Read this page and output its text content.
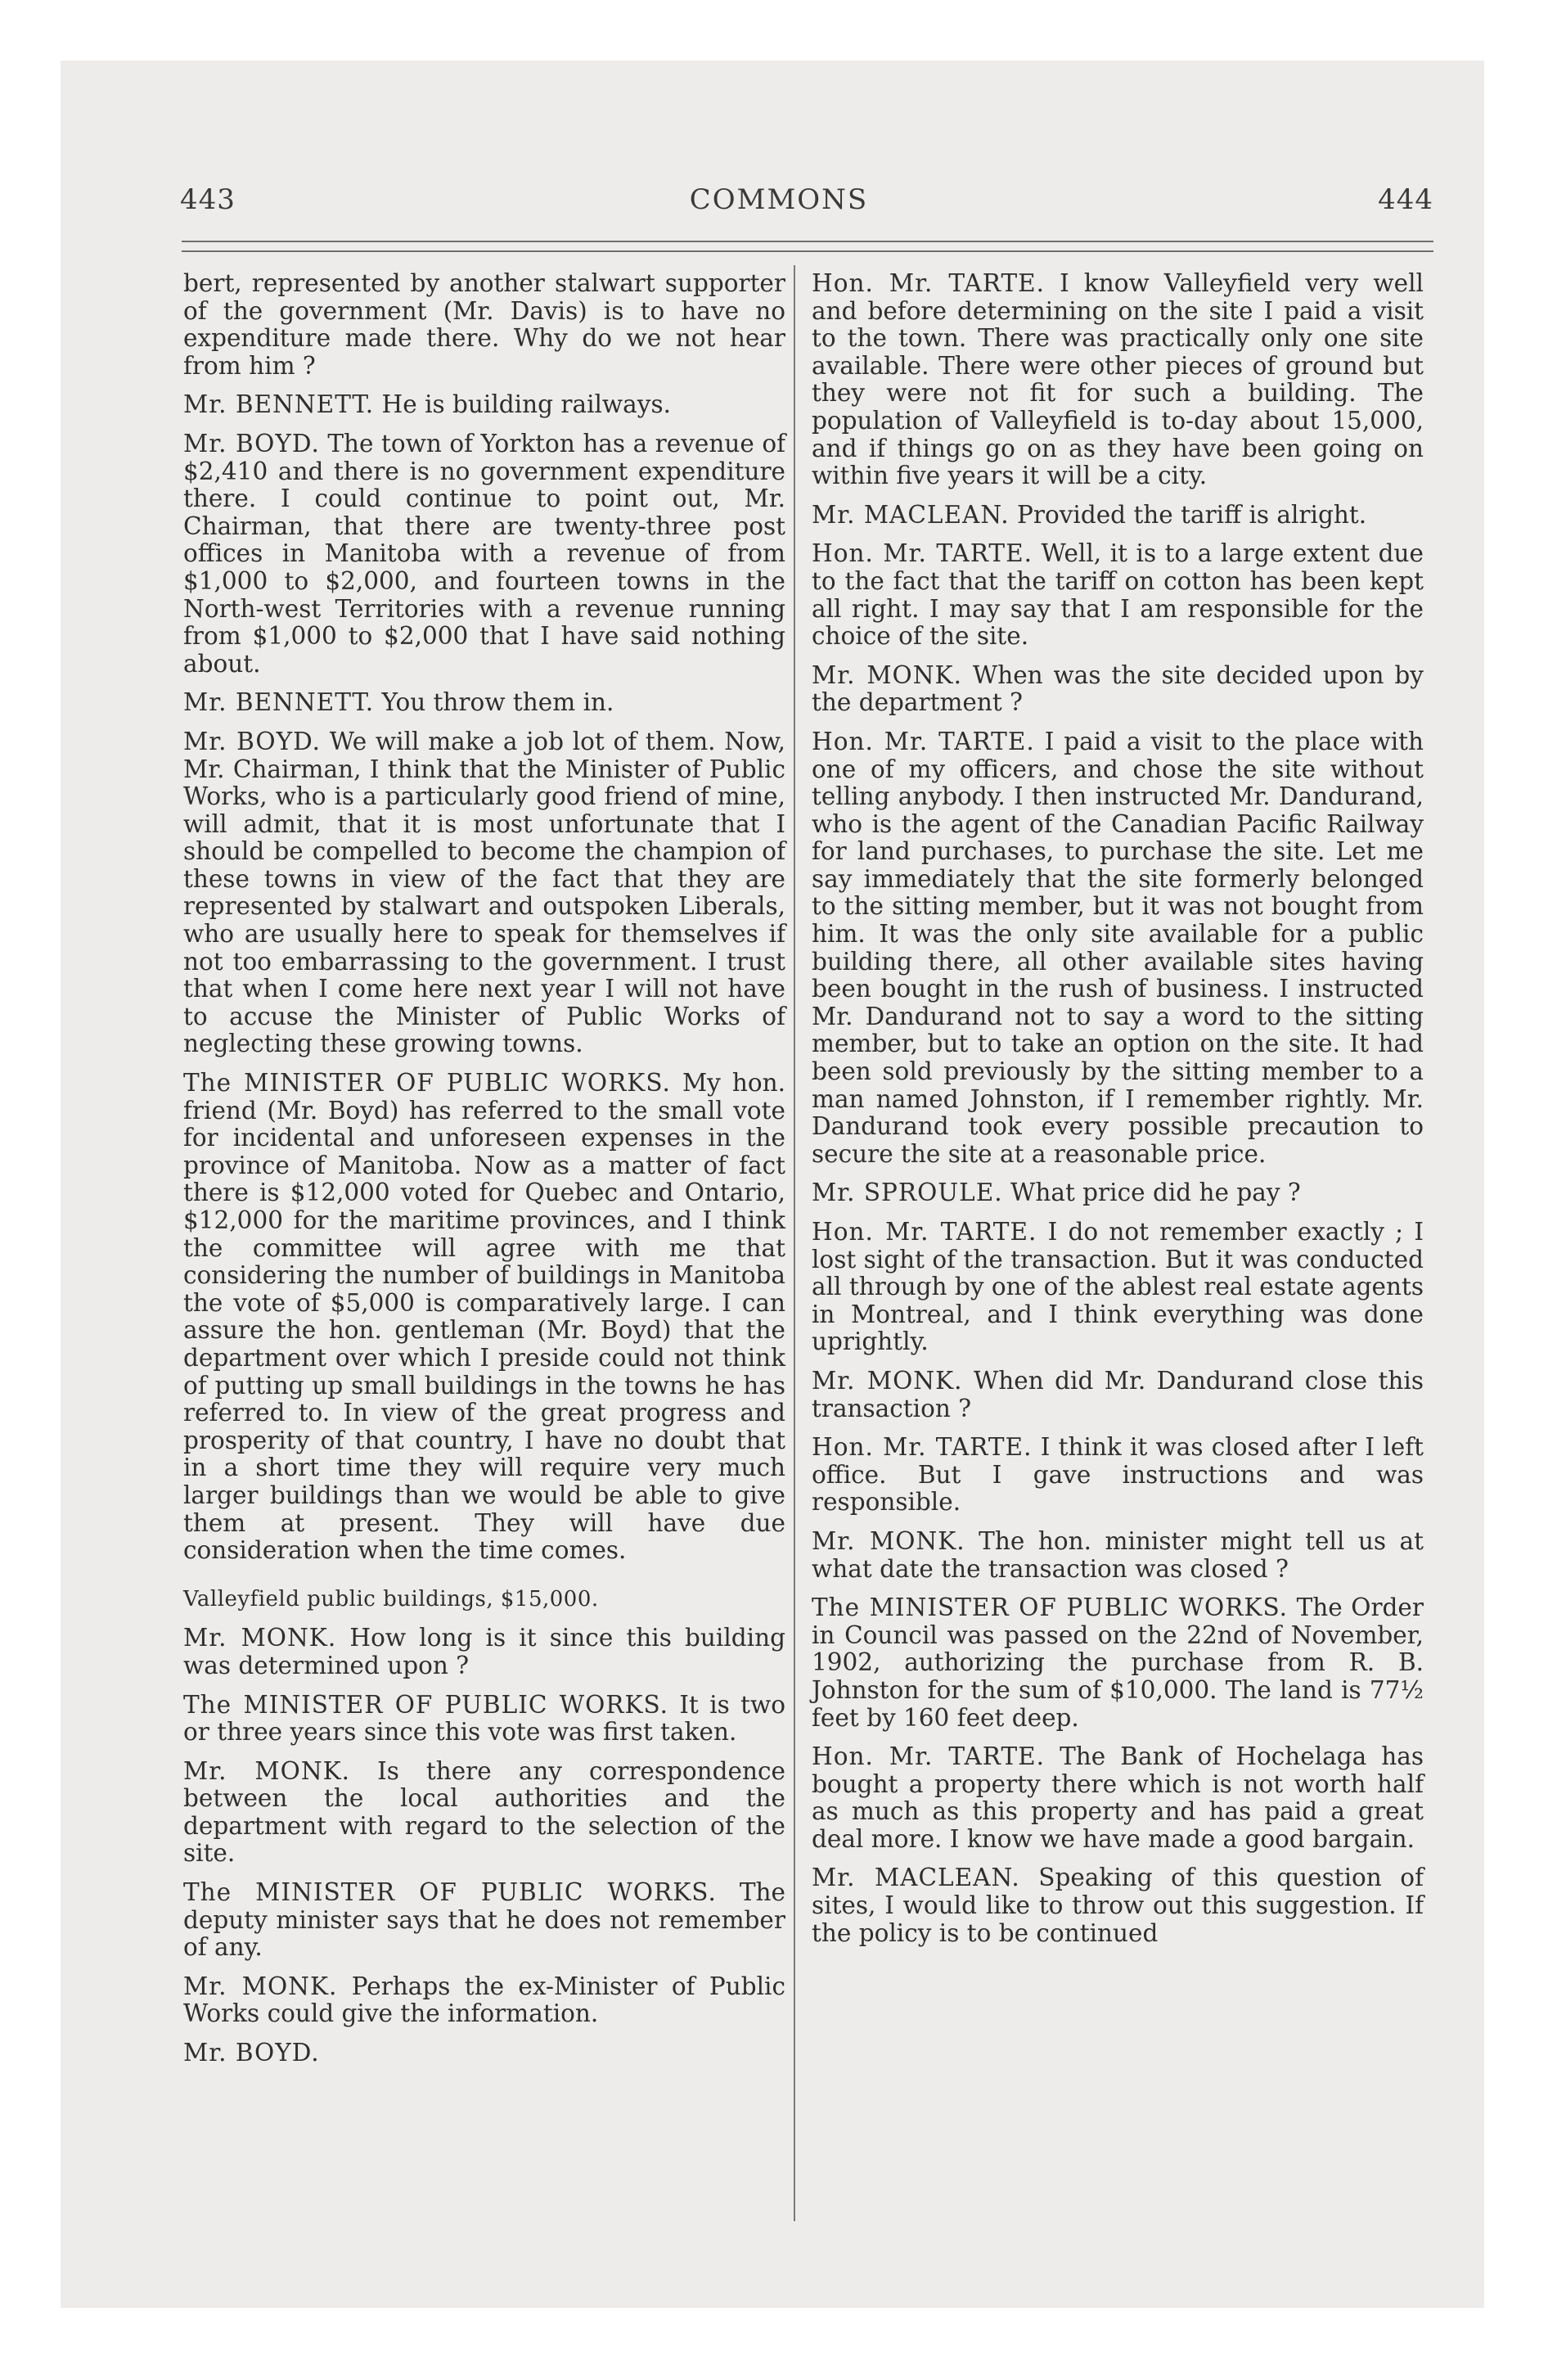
443	COMMONS	444

bert, represented by another stalwart supporter of the government (Mr. Davis) is to have no expenditure made there. Why do we not hear from him ?

Mr. BENNETT. He is building railways.

Mr. BOYD. The town of Yorkton has a revenue of $2,410 and there is no government expenditure there. I could continue to point out, Mr. Chairman, that there are twenty-three post offices in Manitoba with a revenue of from $1,000 to $2,000, and fourteen towns in the North-west Territories with a revenue running from $1,000 to $2,000 that I have said nothing about.

Mr. BENNETT. You throw them in.

Mr. BOYD. We will make a job lot of them. Now, Mr. Chairman, I think that the Minister of Public Works, who is a particularly good friend of mine, will admit, that it is most unfortunate that I should be compelled to become the champion of these towns in view of the fact that they are represented by stalwart and outspoken Liberals, who are usually here to speak for themselves if not too embarrassing to the government. I trust that when I come here next year I will not have to accuse the Minister of Public Works of neglecting these growing towns.

The MINISTER OF PUBLIC WORKS. My hon. friend (Mr. Boyd) has referred to the small vote for incidental and unforeseen expenses in the province of Manitoba. Now as a matter of fact there is $12,000 voted for Quebec and Ontario, $12,000 for the maritime provinces, and I think the committee will agree with me that considering the number of buildings in Manitoba the vote of $5,000 is comparatively large. I can assure the hon. gentleman (Mr. Boyd) that the department over which I preside could not think of putting up small buildings in the towns he has referred to. In view of the great progress and prosperity of that country, I have no doubt that in a short time they will require very much larger buildings than we would be able to give them at present. They will have due consideration when the time comes.

Valleyfield public buildings, $15,000.

Mr. MONK. How long is it since this building was determined upon ?

The MINISTER OF PUBLIC WORKS. It is two or three years since this vote was first taken.

Mr. MONK. Is there any correspondence between the local authorities and the department with regard to the selection of the site.

The MINISTER OF PUBLIC WORKS. The deputy minister says that he does not remember of any.

Mr. MONK. Perhaps the ex-Minister of Public Works could give the information.

Mr. BOYD.

Hon. Mr. TARTE. I know Valleyfield very well and before determining on the site I paid a visit to the town. There was practically only one site available. There were other pieces of ground but they were not fit for such a building. The population of Valleyfield is to-day about 15,000, and if things go on as they have been going on within five years it will be a city.

Mr. MACLEAN. Provided the tariff is alright.

Hon. Mr. TARTE. Well, it is to a large extent due to the fact that the tariff on cotton has been kept all right. I may say that I am responsible for the choice of the site.

Mr. MONK. When was the site decided upon by the department ?

Hon. Mr. TARTE. I paid a visit to the place with one of my officers, and chose the site without telling anybody. I then instructed Mr. Dandurand, who is the agent of the Canadian Pacific Railway for land purchases, to purchase the site. Let me say immediately that the site formerly belonged to the sitting member, but it was not bought from him. It was the only site available for a public building there, all other available sites having been bought in the rush of business. I instructed Mr. Dandurand not to say a word to the sitting member, but to take an option on the site. It had been sold previously by the sitting member to a man named Johnston, if I remember rightly. Mr. Dandurand took every possible precaution to secure the site at a reasonable price.

Mr. SPROULE. What price did he pay ?

Hon. Mr. TARTE. I do not remember exactly ; I lost sight of the transaction. But it was conducted all through by one of the ablest real estate agents in Montreal, and I think everything was done uprightly.

Mr. MONK. When did Mr. Dandurand close this transaction ?

Hon. Mr. TARTE. I think it was closed after I left office. But I gave instructions and was responsible.

Mr. MONK. The hon. minister might tell us at what date the transaction was closed ?

The MINISTER OF PUBLIC WORKS. The Order in Council was passed on the 22nd of November, 1902, authorizing the purchase from R. B. Johnston for the sum of $10,000. The land is 77½ feet by 160 feet deep.

Hon. Mr. TARTE. The Bank of Hochelaga has bought a property there which is not worth half as much as this property and has paid a great deal more. I know we have made a good bargain.

Mr. MACLEAN. Speaking of this question of sites, I would like to throw out this suggestion. If the policy is to be continued
